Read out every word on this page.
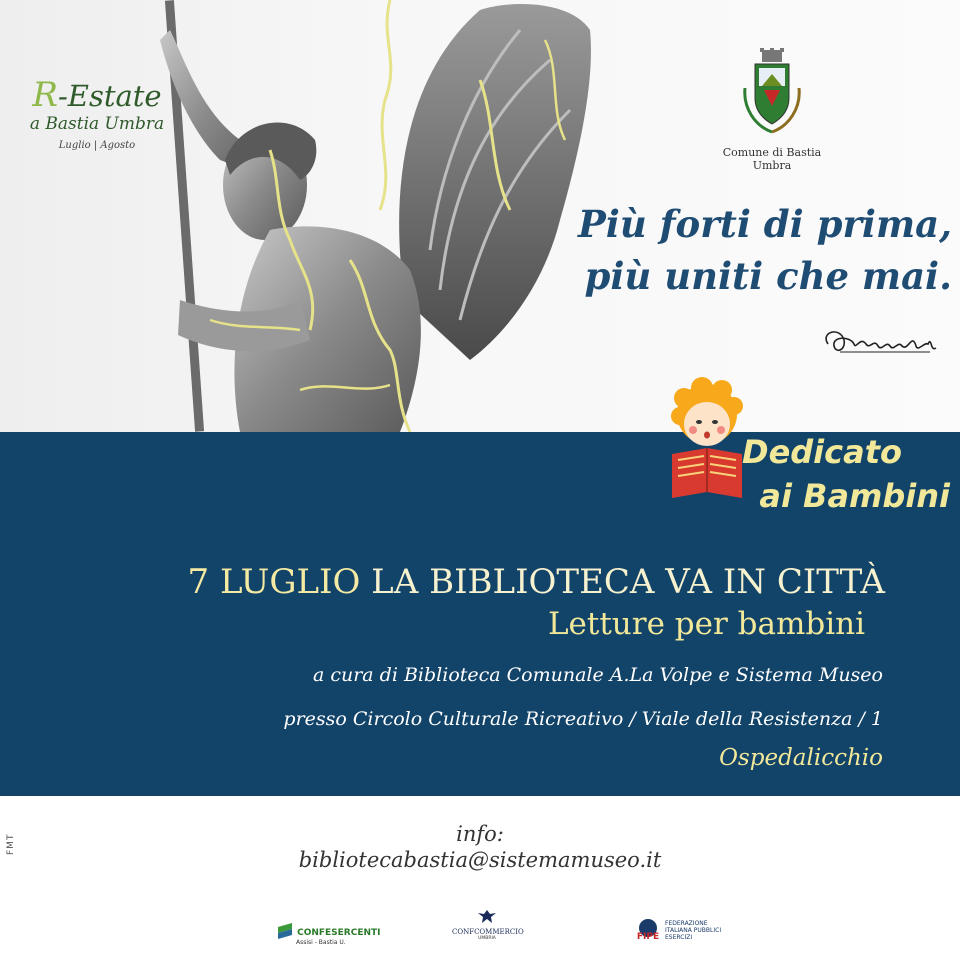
R-Estate
a Bastia Umbra
Luglio | Agosto
Comune di Bastia Umbra
Più forti di prima,
più uniti che mai.
Dedicato
ai Bambini
7 LUGLIO LA BIBLIOTECA VA IN CITTÀ
Letture per bambini
a cura di Biblioteca Comunale A.La Volpe e Sistema Museo
presso Circolo Culturale Ricreativo / Viale della Resistenza / 1
Ospedalicchio
info:
bibliotecabastia@sistemamuseo.it
FMT
CONFESERCENTI
Assisi - Bastia U.
CONFCOMMERCIO
UMBRIA	FIPE
FEDERAZIONE ITALIANA PUBBLICI ESERCIZI
